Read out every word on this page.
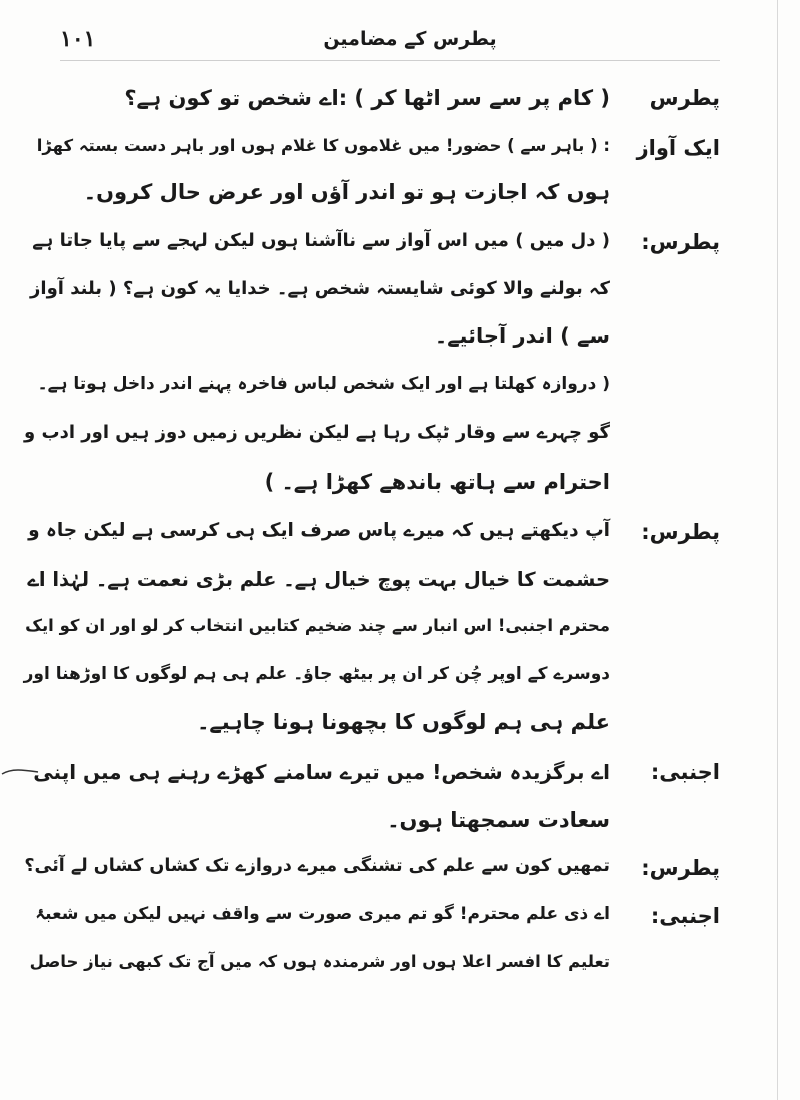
١٠١	پطرس کے مضامین
پطرس
( کام پر سے سر اٹھا کر ) :اے شخص تو کون ہے؟
ایک آواز
: ( باہر سے ) حضور! میں غلاموں کا غلام ہوں اور باہر دست بستہ کھڑا
ہوں کہ اجازت ہو تو اندر آؤں اور عرض حال کروں۔
پطرس:
( دل میں ) میں اس آواز سے ناآشنا ہوں لیکن لہجے سے پایا جاتا ہے
کہ بولنے والا کوئی شایستہ شخص ہے۔ خدایا یہ کون ہے؟ ( بلند آواز
سے ) اندر آجائیے۔
( دروازہ کھلتا ہے اور ایک شخص لباس فاخرہ پہنے اندر داخل ہوتا ہے۔
گو چہرے سے وقار ٹپک رہا ہے لیکن نظریں زمیں دوز ہیں اور ادب و
احترام سے ہاتھ باندھے کھڑا ہے۔ )
پطرس:
آپ دیکھتے ہیں کہ میرے پاس صرف ایک ہی کرسی ہے لیکن جاہ و
حشمت کا خیال بہت پوچ خیال ہے۔ علم بڑی نعمت ہے۔ لہٰذا اے
محترم اجنبی! اس انبار سے چند ضخیم کتابیں انتخاب کر لو اور ان کو ایک
دوسرے کے اوپر چُن کر ان پر بیٹھ جاؤ۔ علم ہی ہم لوگوں کا اوڑھنا اور
علم ہی ہم لوگوں کا بچھونا ہونا چاہیے۔
اجنبی:
اے برگزیدہ شخص! میں تیرے سامنے کھڑے رہنے ہی میں اپنی
سعادت سمجھتا ہوں۔
پطرس:
تمھیں کون سے علم کی تشنگی میرے دروازے تک کشاں کشاں لے آئی؟
اجنبی:
اے ذی علم محترم! گو تم میری صورت سے واقف نہیں لیکن میں شعبۂ
تعلیم کا افسر اعلا ہوں اور شرمندہ ہوں کہ میں آج تک کبھی نیاز حاصل
